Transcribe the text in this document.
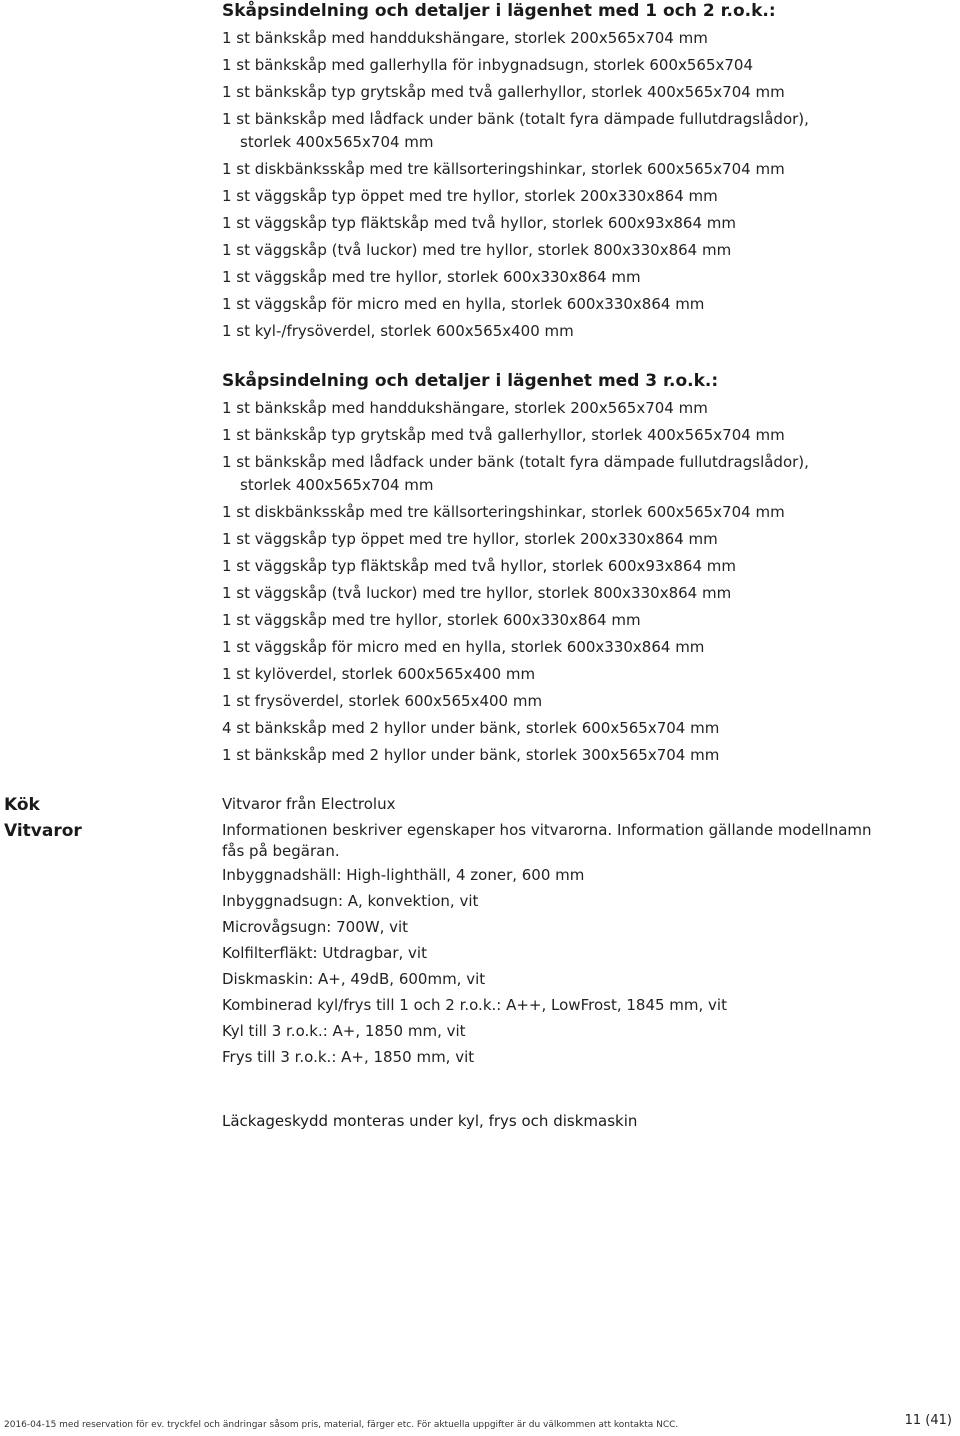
Skåpsindelning och detaljer i lägenhet med 1 och 2 r.o.k.:
1 st bänkskåp med handdukshängare, storlek 200x565x704 mm
1 st bänkskåp med gallerhylla för inbygnadsugn, storlek 600x565x704
1 st bänkskåp typ grytskåp med två gallerhyllor, storlek 400x565x704 mm
1 st bänkskåp med lådfack under bänk (totalt fyra dämpade fullutdragslådor),
storlek 400x565x704 mm
1 st diskbänksskåp med tre källsorteringshinkar, storlek 600x565x704 mm
1 st väggskåp typ öppet med tre hyllor, storlek 200x330x864 mm
1 st väggskåp typ fläktskåp med två hyllor, storlek 600x93x864 mm
1 st väggskåp (två luckor) med tre hyllor, storlek 800x330x864 mm
1 st väggskåp med tre hyllor, storlek 600x330x864 mm
1 st väggskåp för micro med en hylla, storlek 600x330x864 mm
1 st kyl-/frysöverdel, storlek 600x565x400 mm
Skåpsindelning och detaljer i lägenhet med 3 r.o.k.:
1 st bänkskåp med handdukshängare, storlek 200x565x704 mm
1 st bänkskåp typ grytskåp med två gallerhyllor, storlek 400x565x704 mm
1 st bänkskåp med lådfack under bänk (totalt fyra dämpade fullutdragslådor),
storlek 400x565x704 mm
1 st diskbänksskåp med tre källsorteringshinkar, storlek 600x565x704 mm
1 st väggskåp typ öppet med tre hyllor, storlek 200x330x864 mm
1 st väggskåp typ fläktskåp med två hyllor, storlek 600x93x864 mm
1 st väggskåp (två luckor) med tre hyllor, storlek 800x330x864 mm
1 st väggskåp med tre hyllor, storlek 600x330x864 mm
1 st väggskåp för micro med en hylla, storlek 600x330x864 mm
1 st kylöverdel, storlek 600x565x400 mm
1 st frysöverdel, storlek 600x565x400 mm
4 st bänkskåp med 2 hyllor under bänk, storlek 600x565x704 mm
1 st bänkskåp med 2 hyllor under bänk, storlek 300x565x704 mm
Kök
Vitvaror
Vitvaror från Electrolux
Informationen beskriver egenskaper hos vitvarorna. Information gällande modellnamn
fås på begäran.
Inbyggnadshäll: High-lighthäll, 4 zoner, 600 mm
Inbyggnadsugn: A, konvektion, vit
Microvågsugn: 700W, vit
Kolfilterfläkt: Utdragbar, vit
Diskmaskin: A+, 49dB, 600mm, vit
Kombinerad kyl/frys till 1 och 2 r.o.k.: A++, LowFrost, 1845 mm, vit
Kyl till 3 r.o.k.: A+, 1850 mm, vit
Frys till 3 r.o.k.: A+, 1850 mm, vit
Läckageskydd monteras under kyl, frys och diskmaskin
2016-04-15 med reservation för ev. tryckfel och ändringar såsom pris, material, färger etc. För aktuella uppgifter är du välkommen att kontakta NCC.	11 (41)
